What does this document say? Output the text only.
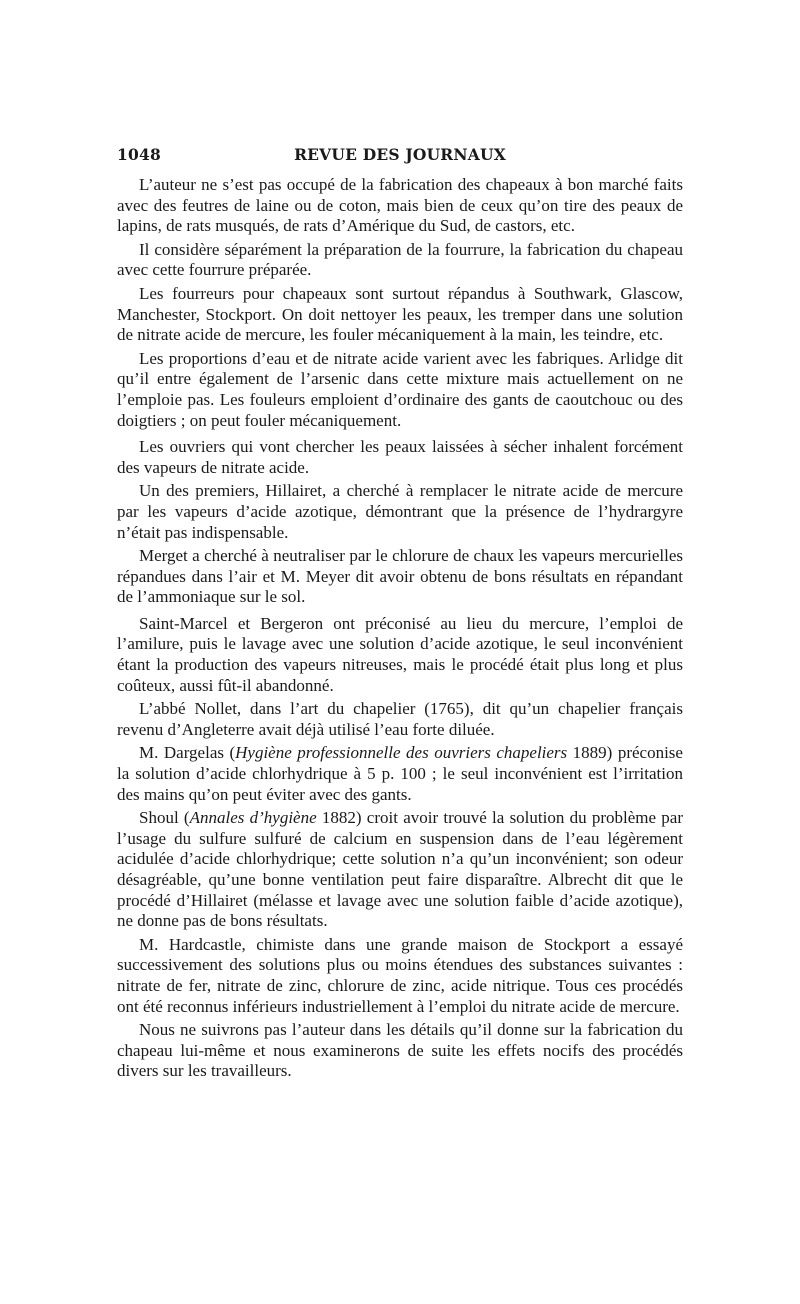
1048	REVUE DES JOURNAUX

L’auteur ne s’est pas occupé de la fabrication des chapeaux à bon marché faits avec des feutres de laine ou de coton, mais bien de ceux qu’on tire des peaux de lapins, de rats musqués, de rats d’Amérique du Sud, de castors, etc.

Il considère séparément la préparation de la fourrure, la fabrication du chapeau avec cette fourrure préparée.

Les fourreurs pour chapeaux sont surtout répandus à Southwark, Glascow, Manchester, Stockport. On doit nettoyer les peaux, les tremper dans une solution de nitrate acide de mercure, les fouler mécaniquement à la main, les teindre, etc.

Les proportions d’eau et de nitrate acide varient avec les fabriques. Arlidge dit qu’il entre également de l’arsenic dans cette mixture mais actuellement on ne l’emploie pas. Les fouleurs emploient d’ordinaire des gants de caoutchouc ou des doigtiers ; on peut fouler mécaniquement.

Les ouvriers qui vont chercher les peaux laissées à sécher inhalent forcément des vapeurs de nitrate acide.

Un des premiers, Hillairet, a cherché à remplacer le nitrate acide de mercure par les vapeurs d’acide azotique, démontrant que la présence de l’hydrargyre n’était pas indispensable.

Merget a cherché à neutraliser par le chlorure de chaux les vapeurs mercurielles répandues dans l’air et M. Meyer dit avoir obtenu de bons résultats en répandant de l’ammoniaque sur le sol.

Saint-Marcel et Bergeron ont préconisé au lieu du mercure, l’emploi de l’amilure, puis le lavage avec une solution d’acide azotique, le seul inconvénient étant la production des vapeurs nitreuses, mais le procédé était plus long et plus coûteux, aussi fût-il abandonné.

L’abbé Nollet, dans l’art du chapelier (1765), dit qu’un chapelier français revenu d’Angleterre avait déjà utilisé l’eau forte diluée.

M. Dargelas (Hygiène professionnelle des ouvriers chapeliers 1889) préconise la solution d’acide chlorhydrique à 5 p. 100 ; le seul inconvénient est l’irritation des mains qu’on peut éviter avec des gants.

Shoul (Annales d’hygiène 1882) croit avoir trouvé la solution du problème par l’usage du sulfure sulfuré de calcium en suspension dans de l’eau légèrement acidulée d’acide chlorhydrique; cette solution n’a qu’un inconvénient; son odeur désagréable, qu’une bonne ventilation peut faire disparaître. Albrecht dit que le procédé d’Hillairet (mélasse et lavage avec une solution faible d’acide azotique), ne donne pas de bons résultats.

M. Hardcastle, chimiste dans une grande maison de Stockport a essayé successivement des solutions plus ou moins étendues des substances suivantes : nitrate de fer, nitrate de zinc, chlorure de zinc, acide nitrique. Tous ces procédés ont été reconnus inférieurs industriellement à l’emploi du nitrate acide de mercure.

Nous ne suivrons pas l’auteur dans les détails qu’il donne sur la fabrication du chapeau lui-même et nous examinerons de suite les effets nocifs des procédés divers sur les travailleurs.
